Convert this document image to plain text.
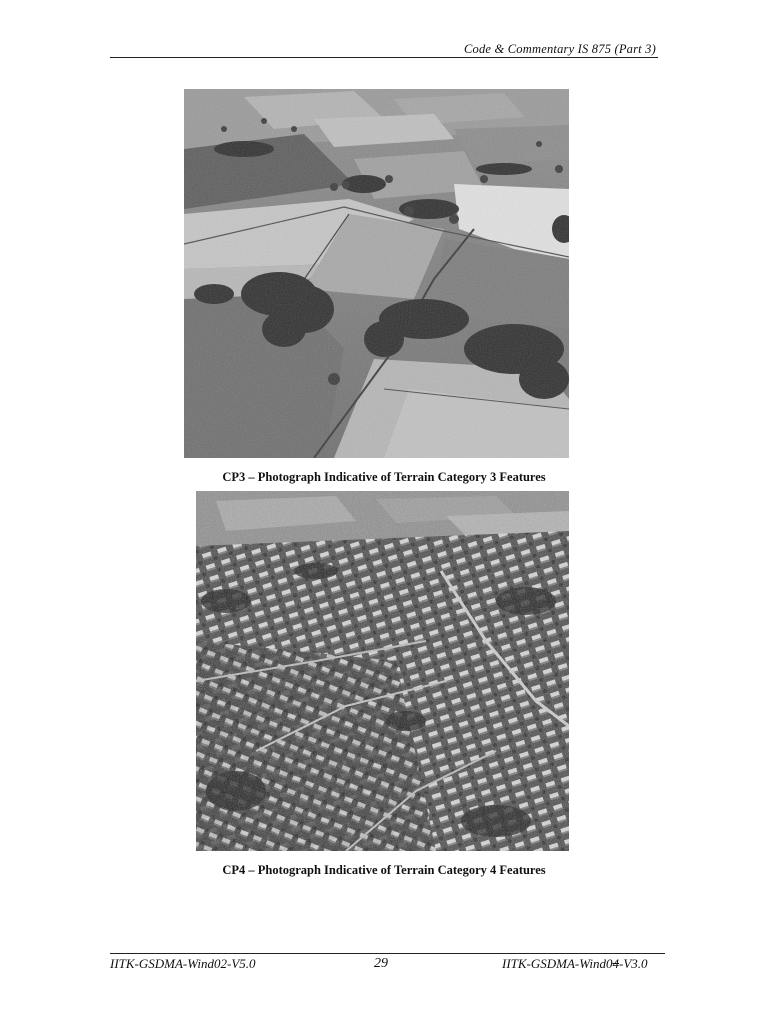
Code & Commentary IS 875 (Part 3)
CP3 – Photograph Indicative of Terrain Category 3 Features
CP4 – Photograph Indicative of Terrain Category 4 Features
IITK-GSDMA-Wind02-V5.0	29	IITK-GSDMA-Wind04-V3.0
